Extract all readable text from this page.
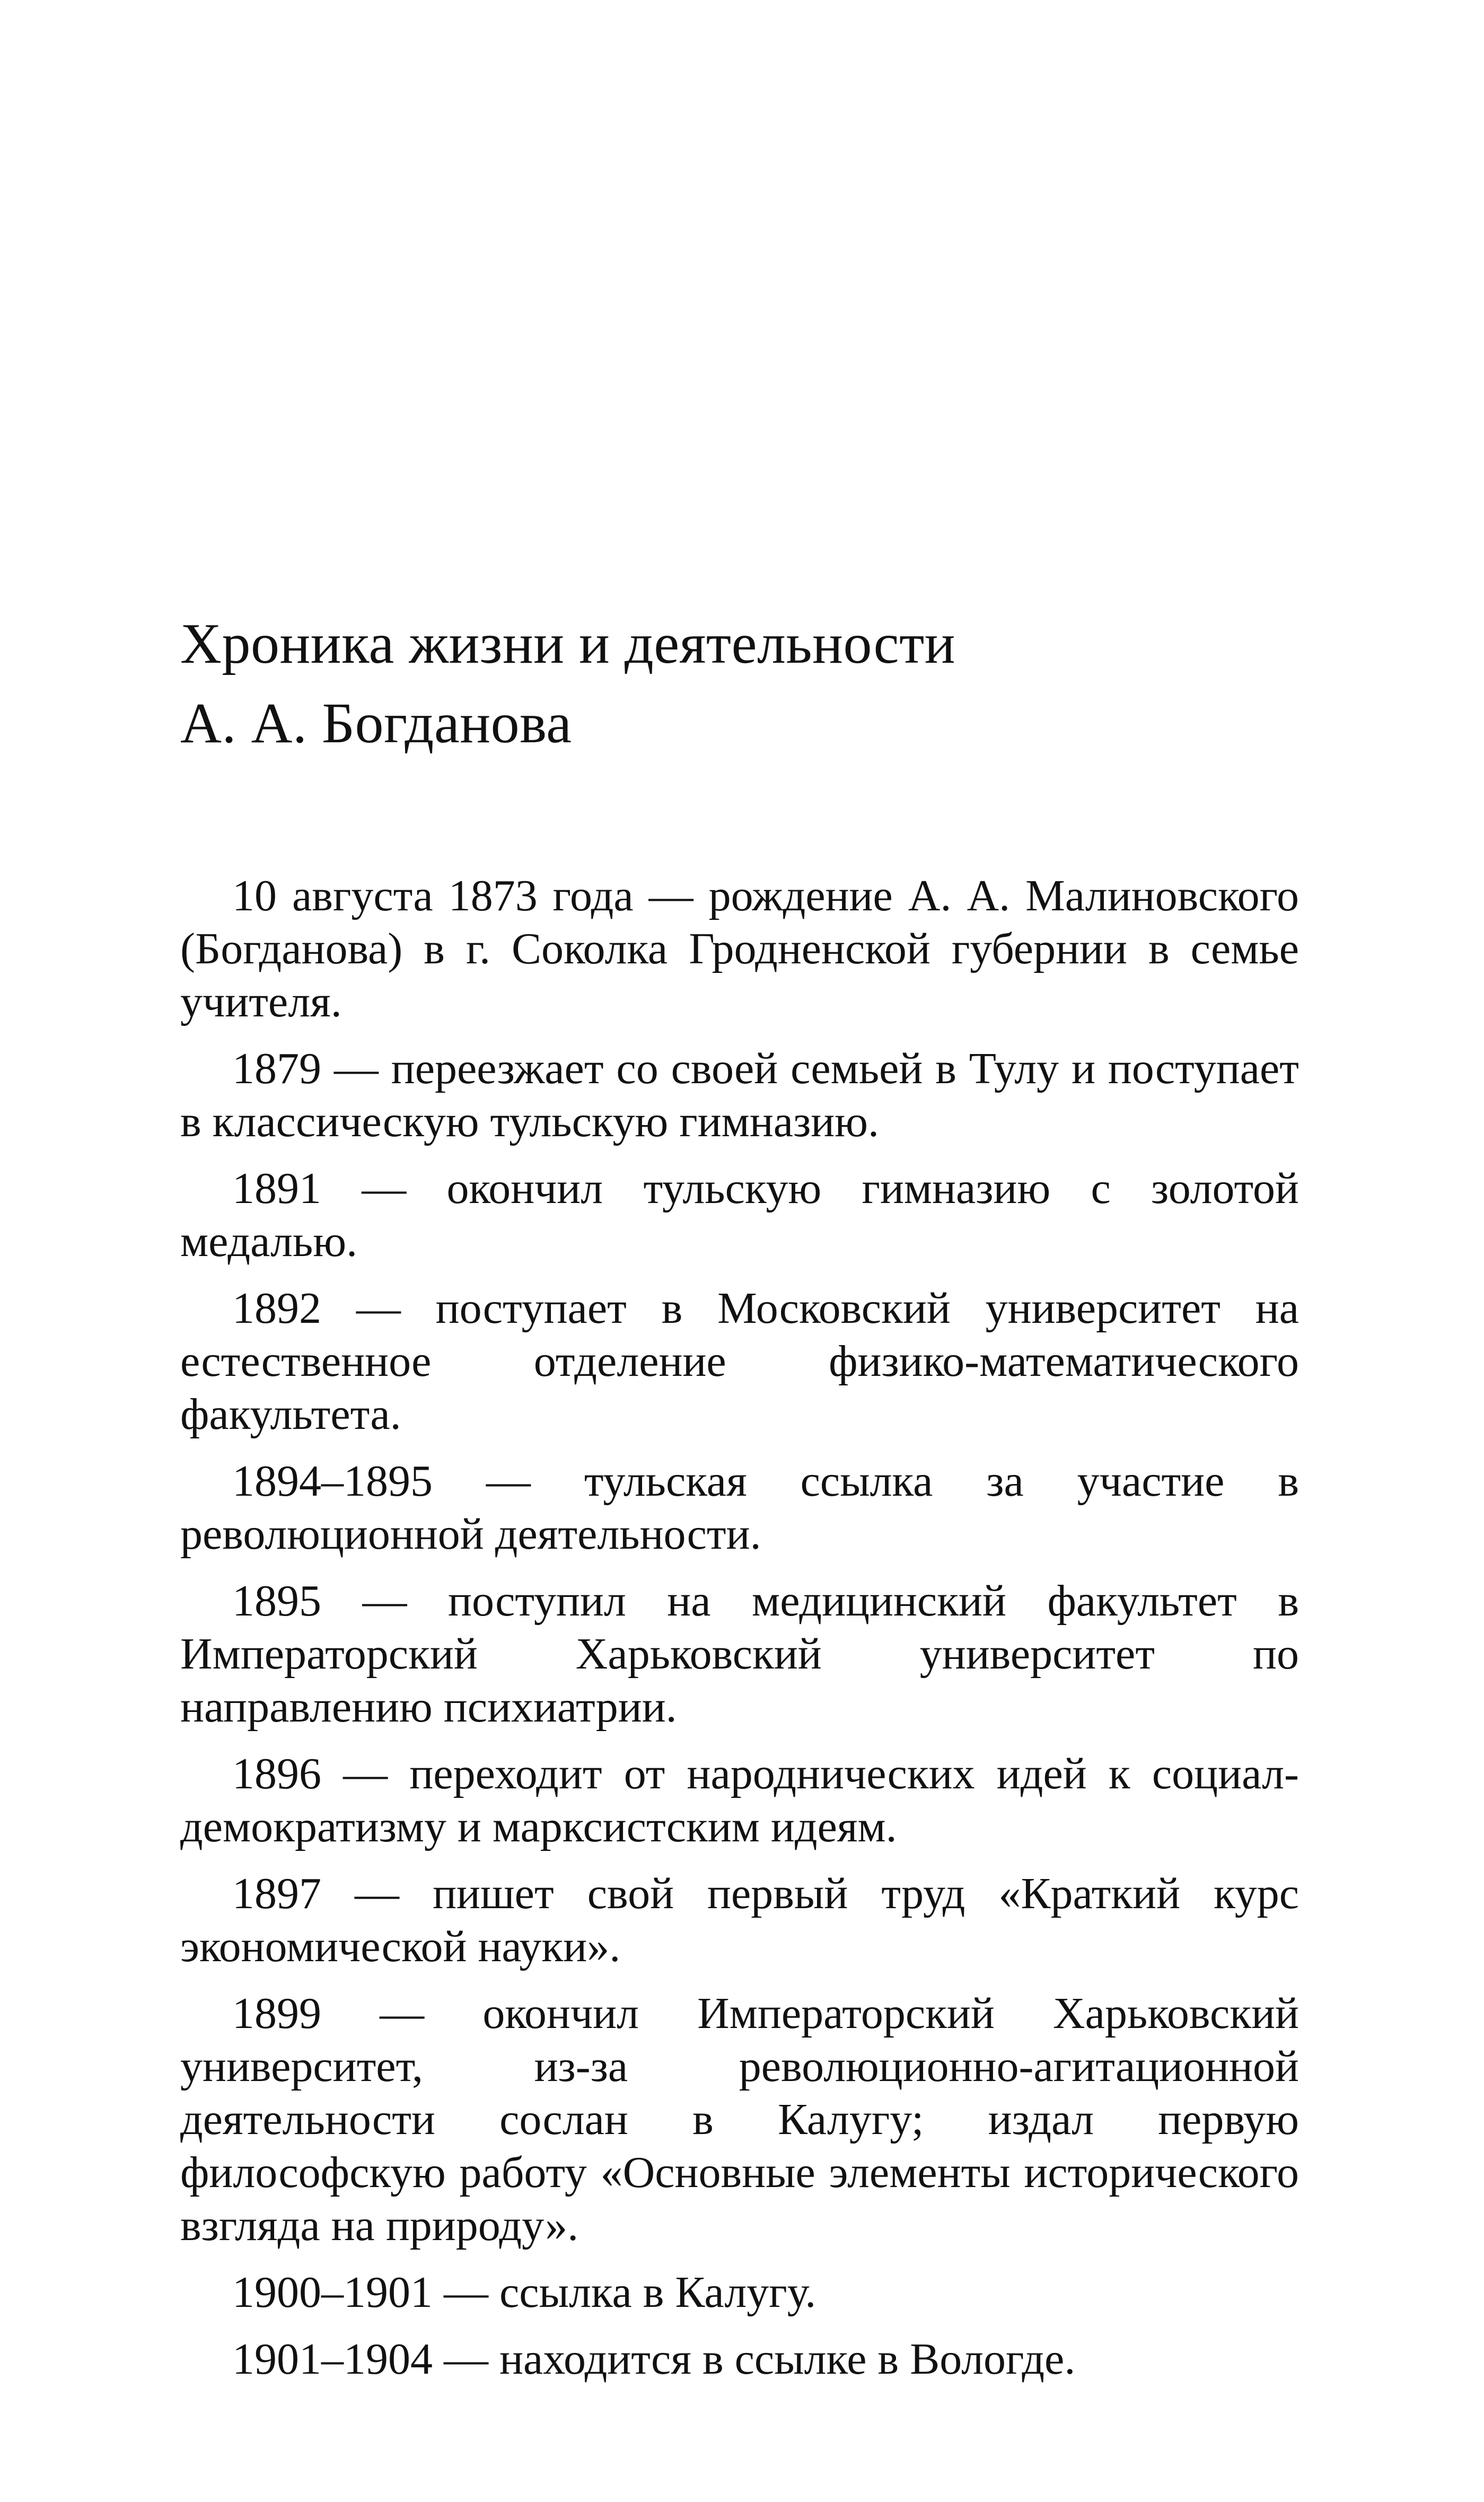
Хроника жизни и деятельности
А. А. Богданова

10 августа 1873 года — рождение А. А. Малиновского (Богданова) в г. Соколка Гродненской губернии в семье учителя.

1879 — переезжает со своей семьей в Тулу и поступает в классическую тульскую гимназию.

1891 — окончил тульскую гимназию с золотой медалью.

1892 — поступает в Московский университет на естественное отделение физико-математического факультета.

1894–1895 — тульская ссылка за участие в революционной деятельности.

1895 — поступил на медицинский факультет в Императорский Харьковский университет по направлению психиатрии.

1896 — переходит от народнических идей к социал-демократизму и марксистским идеям.

1897 — пишет свой первый труд «Краткий курс экономической науки».

1899 — окончил Императорский Харьковский университет, из-за революционно-агитационной деятельности сослан в Калугу; издал первую философскую работу «Основные элементы исторического взгляда на природу».

1900–1901 — ссылка в Калугу.

1901–1904 — находится в ссылке в Вологде.
